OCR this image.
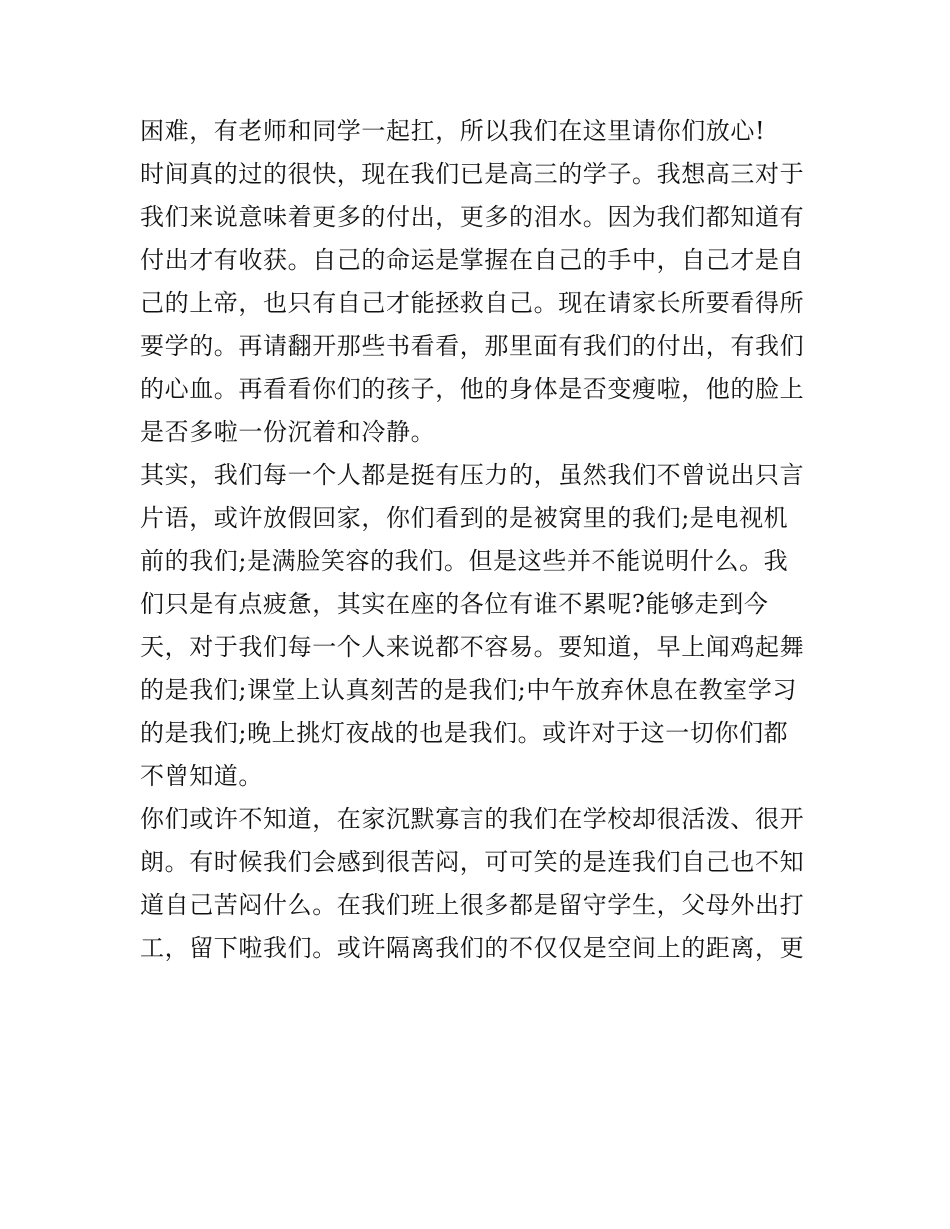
困难，有老师和同学一起扛，所以我们在这里请你们放心!
时间真的过的很快，现在我们已是高三的学子。我想高三对于
我们来说意味着更多的付出，更多的泪水。因为我们都知道有
付出才有收获。自己的命运是掌握在自己的手中，自己才是自
己的上帝，也只有自己才能拯救自己。现在请家长所要看得所
要学的。再请翻开那些书看看，那里面有我们的付出，有我们
的心血。再看看你们的孩子，他的身体是否变瘦啦，他的脸上
是否多啦一份沉着和冷静。
其实，我们每一个人都是挺有压力的，虽然我们不曾说出只言
片语，或许放假回家，你们看到的是被窝里的我们;是电视机
前的我们;是满脸笑容的我们。但是这些并不能说明什么。我
们只是有点疲惫，其实在座的各位有谁不累呢?能够走到今
天，对于我们每一个人来说都不容易。要知道，早上闻鸡起舞
的是我们;课堂上认真刻苦的是我们;中午放弃休息在教室学习
的是我们;晚上挑灯夜战的也是我们。或许对于这一切你们都
不曾知道。
你们或许不知道，在家沉默寡言的我们在学校却很活泼、很开
朗。有时候我们会感到很苦闷，可可笑的是连我们自己也不知
道自己苦闷什么。在我们班上很多都是留守学生，父母外出打
工，留下啦我们。或许隔离我们的不仅仅是空间上的距离，更
